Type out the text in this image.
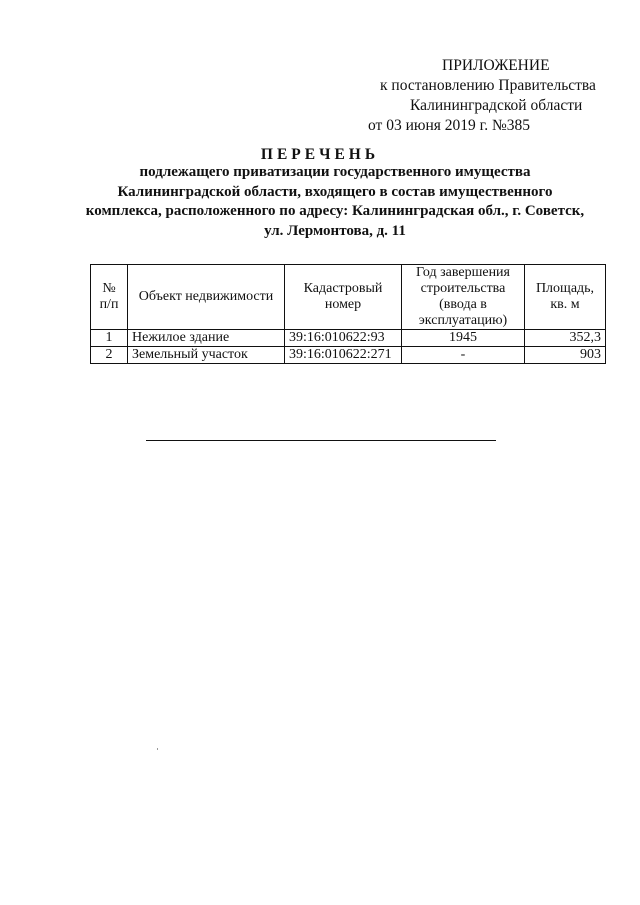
ПРИЛОЖЕНИЕ
к постановлению Правительства
Калининградской области
от 03 июня 2019 г. №385
ПЕРЕЧЕНЬ
подлежащего приватизации государственного имущества Калининградской области, входящего в состав имущественного комплекса, расположенного по адресу: Калининградская обл., г. Советск, ул. Лермонтова, д. 11
№ п/п	Объект недвижимости	Кадастровый номер	Год завершения строительства (ввода в эксплуатацию)	Площадь, кв. м
1	Нежилое здание	39:16:010622:93	1945	352,3
2	Земельный участок	39:16:010622:271	-	903
